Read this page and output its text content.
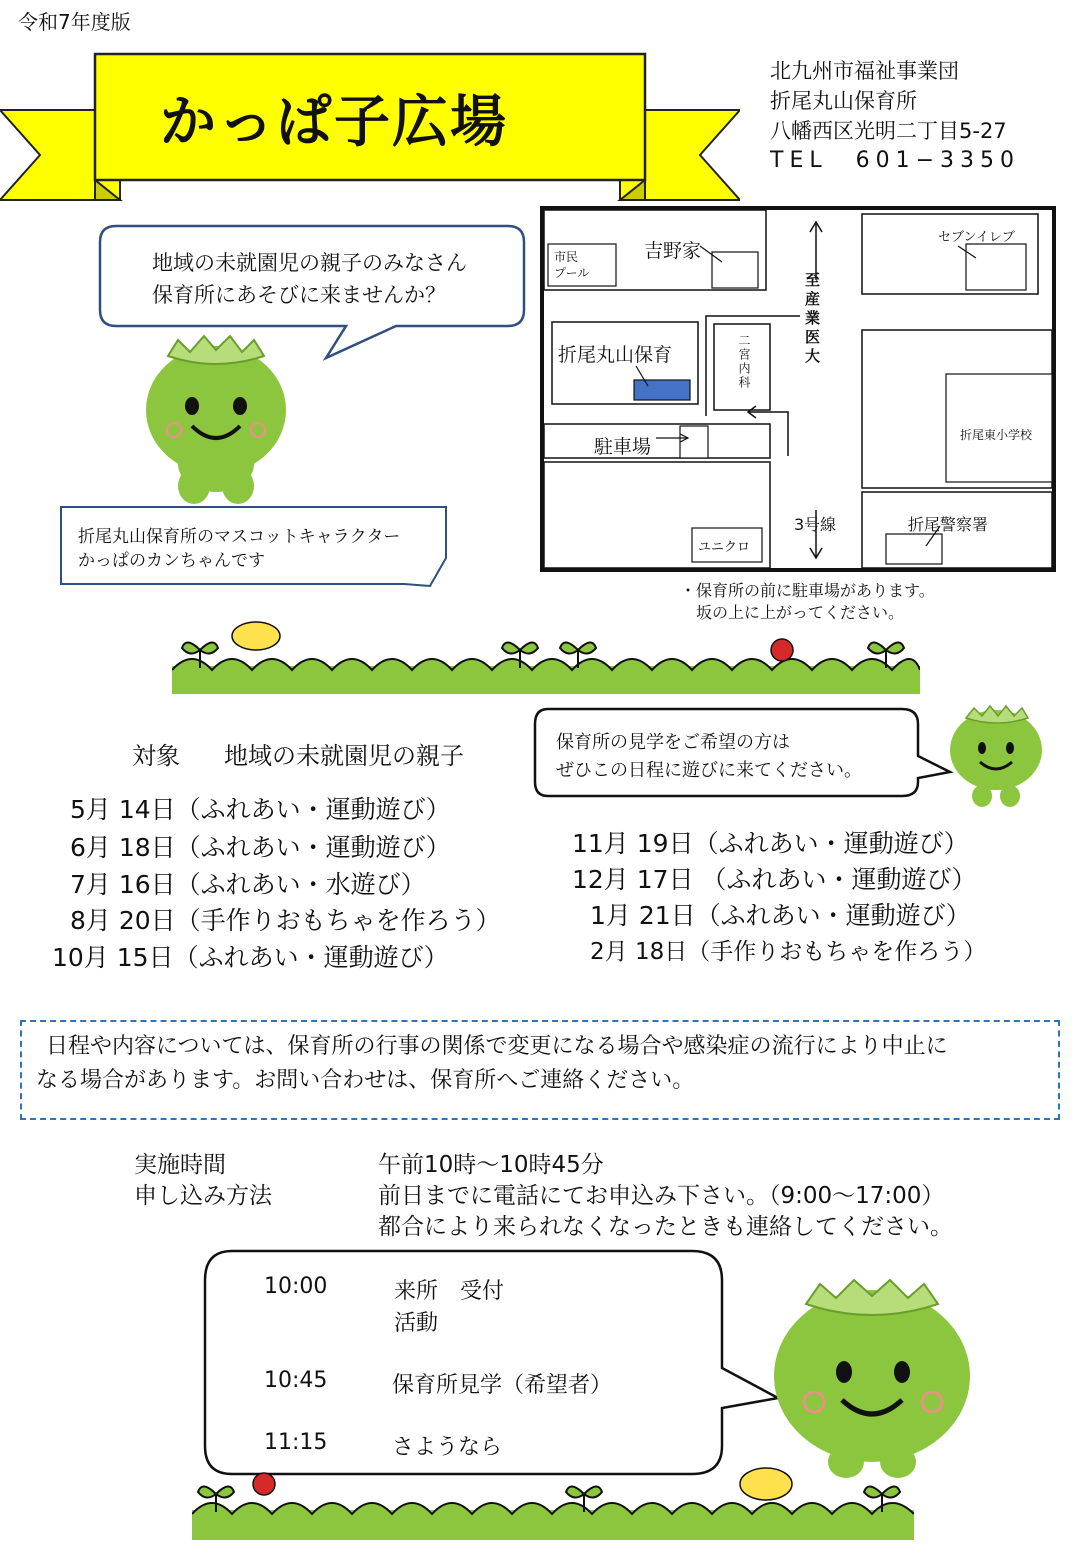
令和7年度版
かっぱ子広場
北九州市福祉事業団
折尾丸山保育所
八幡西区光明二丁目5-27
TEL　601−3350
地域の未就園児の親子のみなさん
保育所にあそびに来ませんか？
折尾丸山保育所のマスコットキャラクター
かっぱのカンちゃんです
市民
プール
吉野家
セブンイレブ
折尾丸山保育	二宮内科	至産業医大
駐車場
折尾東小学校
3号線	折尾警察署
ユニクロ
・保育所の前に駐車場があります。
坂の上に上がってください。
対象 地域の未就園児の親子	保育所の見学をご希望の方は
ぜひこの日程に遊びに来てください。
5月 14日（ふれあい・運動遊び）
6月 18日（ふれあい・運動遊び）
7月 16日（ふれあい・水遊び）
8月 20日（手作りおもちゃを作ろう）
10月 15日（ふれあい・運動遊び）
11月 19日（ふれあい・運動遊び）
12月 17日 （ふれあい・運動遊び）
1月 21日（ふれあい・運動遊び）
2月 18日（手作りおもちゃを作ろう）
日程や内容については、保育所の行事の関係で変更になる場合や感染症の流行により中止に
なる場合があります。お問い合わせは、保育所へご連絡ください。
実施時間	午前10時〜10時45分
申し込み方法	前日までに電話にてお申込み下さい。（9:00〜17:00）
都合により来られなくなったときも連絡してください。
10:00	来所　受付
活動
10:45	保育所見学（希望者）
11:15	さようなら
